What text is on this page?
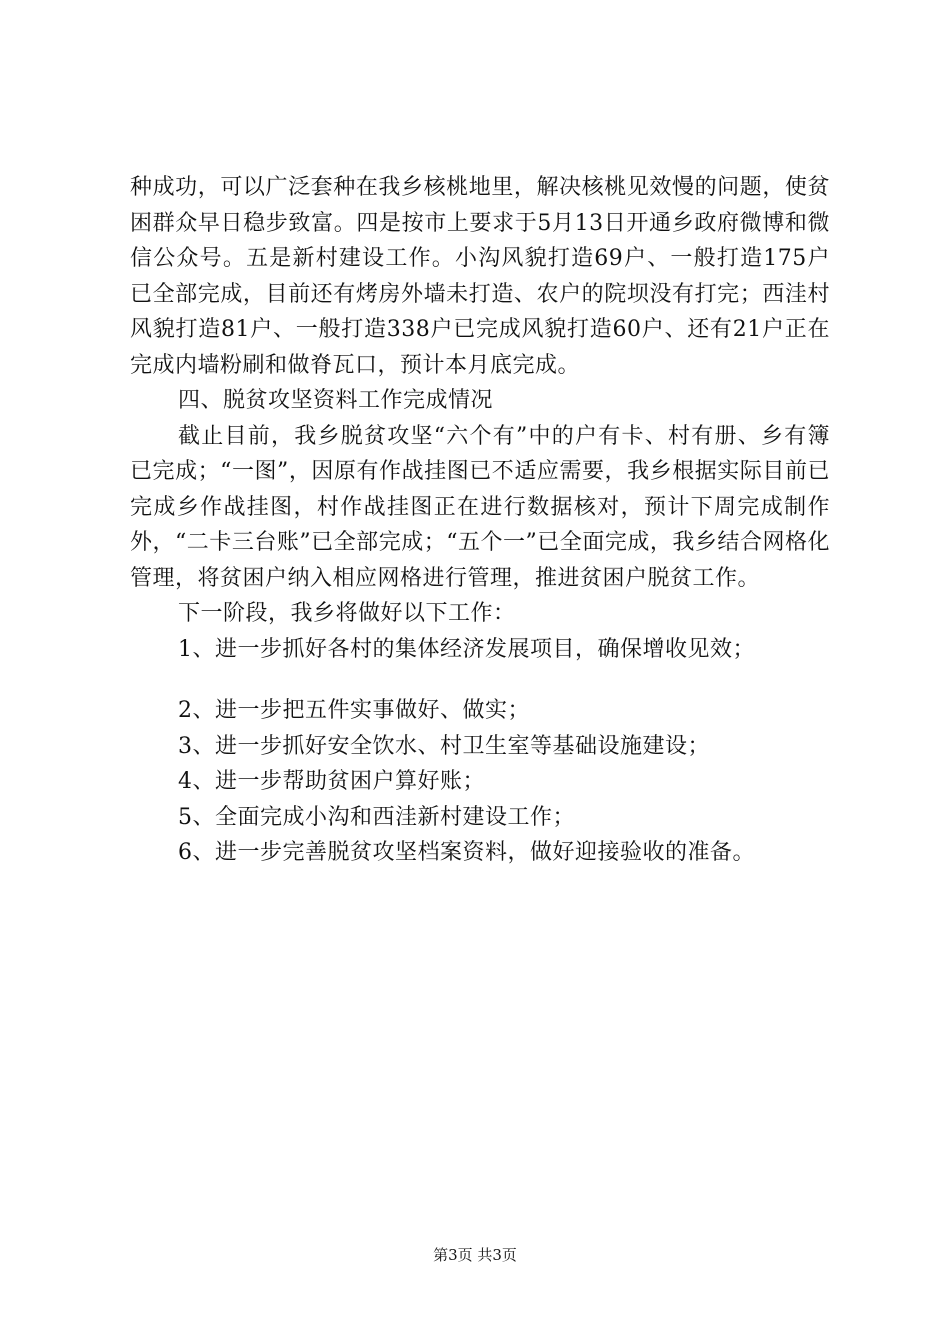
种成功，可以广泛套种在我乡核桃地里，解决核桃见效慢的问题，使贫困群众早日稳步致富。四是按市上要求于5月13日开通乡政府微博和微信公众号。五是新村建设工作。小沟风貌打造69户、一般打造175户已全部完成，目前还有烤房外墙未打造、农户的院坝没有打完；西洼村风貌打造81户、一般打造338户已完成风貌打造60户、还有21户正在完成内墙粉刷和做脊瓦口，预计本月底完成。

四、脱贫攻坚资料工作完成情况

截止目前，我乡脱贫攻坚“六个有”中的户有卡、村有册、乡有簿已完成；“一图”，因原有作战挂图已不适应需要，我乡根据实际目前已完成乡作战挂图，村作战挂图正在进行数据核对，预计下周完成制作外，“二卡三台账”已全部完成；“五个一”已全面完成，我乡结合网格化管理，将贫困户纳入相应网格进行管理，推进贫困户脱贫工作。

下一阶段，我乡将做好以下工作：

1、进一步抓好各村的集体经济发展项目，确保增收见效；

2、进一步把五件实事做好、做实；

3、进一步抓好安全饮水、村卫生室等基础设施建设；

4、进一步帮助贫困户算好账；

5、全面完成小沟和西洼新村建设工作；

6、进一步完善脱贫攻坚档案资料，做好迎接验收的准备。

第3页 共3页
